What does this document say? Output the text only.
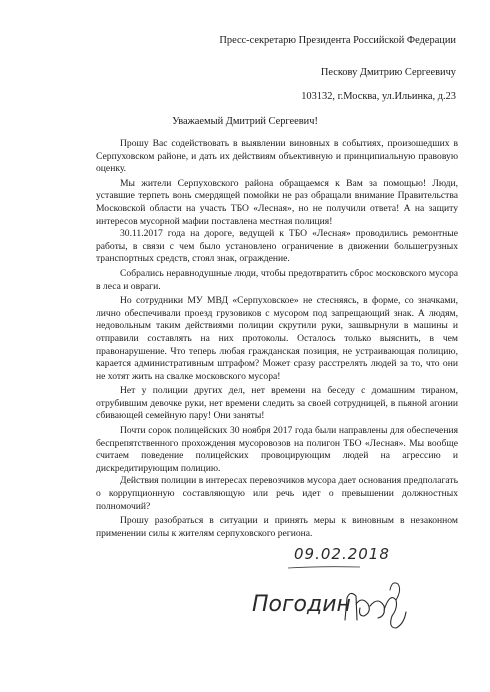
Пресс-секретарю Президента Российской Федерации
Пескову Дмитрию Сергеевичу
103132, г.Москва, ул.Ильинка, д.23
Уважаемый Дмитрий Сергеевич!

Прошу Вас содействовать в выявлении виновных в событиях, произошедших в Серпуховском районе, и дать их действиям объективную и принципиальную правовую оценку.

Мы жители Серпуховского района обращаемся к Вам за помощью! Люди, уставшие терпеть вонь смердящей помойки не раз обращали внимание Правительства Московской области на участь ТБО «Лесная», но не получили ответа! А на защиту интересов мусорной мафии поставлена местная полиция!

30.11.2017 года на дороге, ведущей к ТБО «Лесная» проводились ремонтные работы, в связи с чем было установлено ограничение в движении большегрузных транспортных средств, стоял знак, ограждение.

Собралиcь неравнодушные люди, чтобы предотвратить сброс московского мусора в леса и овраги.

Но сотрудники МУ МВД «Серпуховское» не стесняясь, в форме, со значками, лично обеспечивали проезд грузовиков с мусором под запрещающий знак. А людям, недовольным таким действиями полиции скрутили руки, зашвырнули в машины и отправили составлять на них протоколы. Осталось только выяснить, в чем правонарушение. Что теперь любая гражданская позиция, не устраивающая полицию, карается административным штрафом? Может сразу расстрелять людей за то, что они не хотят жить на свалке московского мусора!

Нет у полиции других дел, нет времени на беседу с домашним тираном, отрубившим девочке руки, нет времени следить за своей сотрудницей, в пьяной агонии сбивающей семейную пару! Они заняты!

Почти сорок полицейских 30 ноября 2017 года были направлены для обеспечения беспрепятственного прохождения мусоровозов на полигон ТБО «Лесная». Мы вообще считаем поведение полицейских провоцирующим людей на агрессию и дискредитирующим полицию.

Действия полиции в интересах перевозчиков мусора дает основания предполагать о коррупционную составляющую или речь идет о превышении должностных полномочий?

Прошу разобраться в ситуации и принять меры к виновным в незаконном применении силы к жителям серпуховского региона.

09.02.2018
Погодин
